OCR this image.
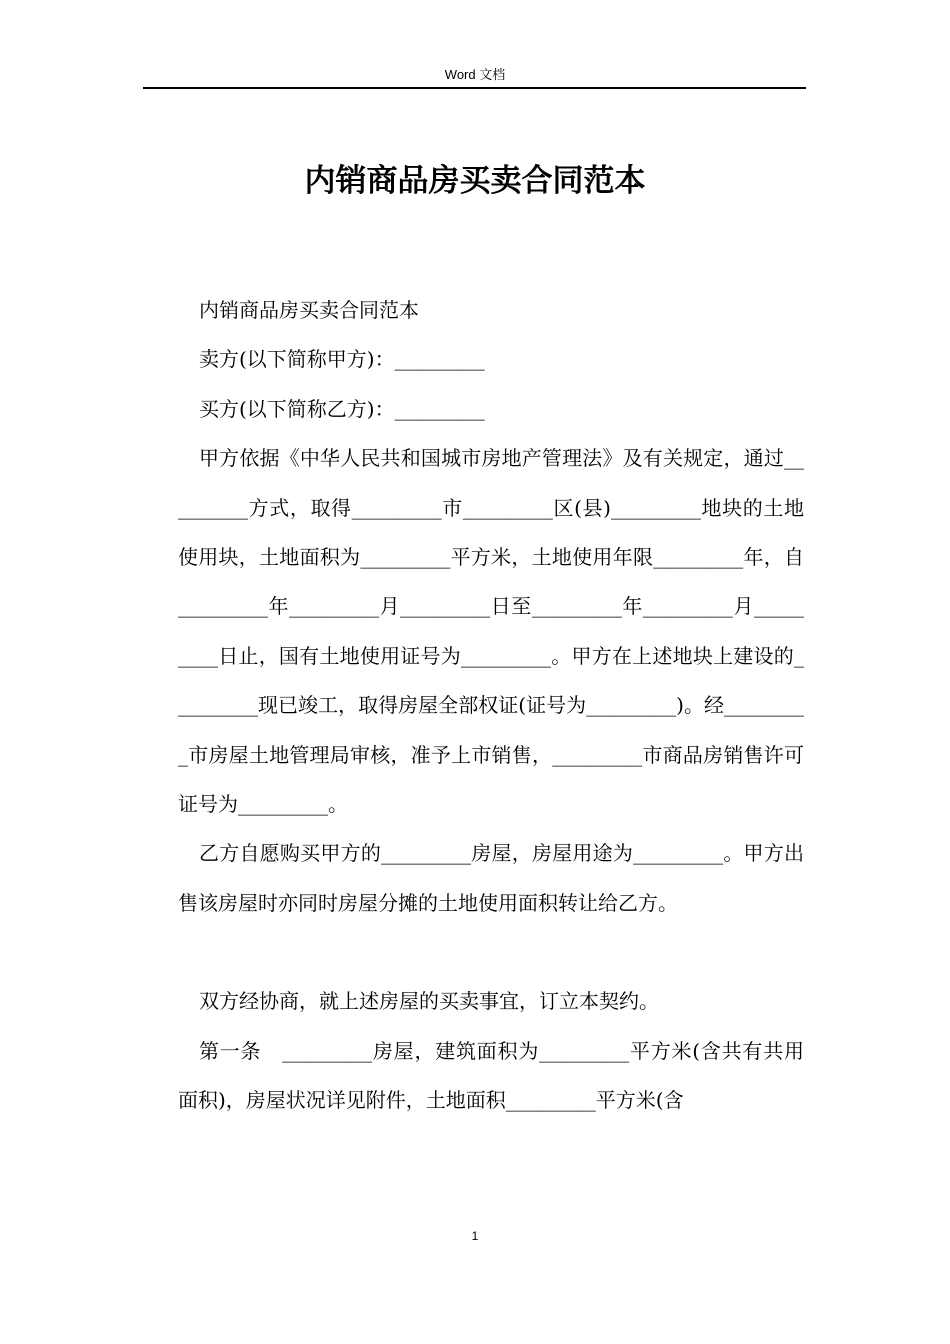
Word 文档
内销商品房买卖合同范本

内销商品房买卖合同范本

卖方(以下简称甲方)：_________

买方(以下简称乙方)：_________

甲方依据《中华人民共和国城市房地产管理法》及有关规定，通过_________方式，取得_________市_________区(县)_________地块的土地使用块，土地面积为_________平方米，土地使用年限_________年，自_________年_________月_________日至_________年_________月_________日止，国有土地使用证号为_________。甲方在上述地块上建设的_________现已竣工，取得房屋全部权证(证号为_________)。经_________市房屋土地管理局审核，准予上市销售，_________市商品房销售许可证号为_________。

乙方自愿购买甲方的_________房屋，房屋用途为_________。甲方出售该房屋时亦同时房屋分摊的土地使用面积转让给乙方。

双方经协商，就上述房屋的买卖事宜，订立本契约。

第一条　_________房屋，建筑面积为_________平方米(含共有共用面积)，房屋状况详见附件，土地面积_________平方米(含

1
